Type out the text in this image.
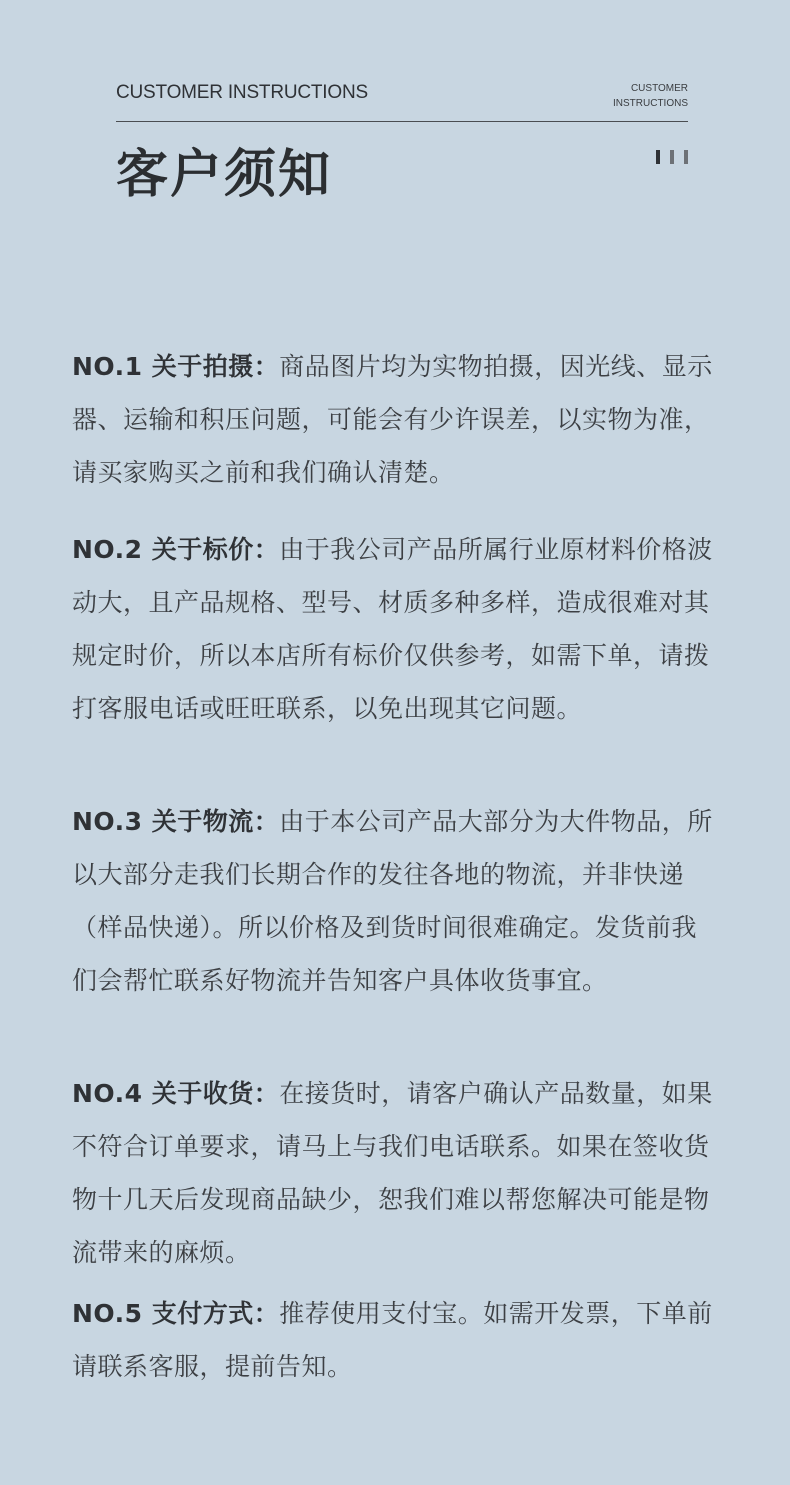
CUSTOMER INSTRUCTIONS	CUSTOMER
INSTRUCTIONS
客户须知

NO.1 关于拍摄：商品图片均为实物拍摄，因光线、显示器、运输和积压问题，可能会有少许误差，以实物为准，请买家购买之前和我们确认清楚。

NO.2 关于标价：由于我公司产品所属行业原材料价格波动大，且产品规格、型号、材质多种多样，造成很难对其规定时价，所以本店所有标价仅供参考，如需下单，请拨打客服电话或旺旺联系，以免出现其它问题。

NO.3 关于物流：由于本公司产品大部分为大件物品，所以大部分走我们长期合作的发往各地的物流，并非快递（样品快递）。所以价格及到货时间很难确定。发货前我们会帮忙联系好物流并告知客户具体收货事宜。

NO.4 关于收货：在接货时，请客户确认产品数量，如果不符合订单要求，请马上与我们电话联系。如果在签收货物十几天后发现商品缺少，恕我们难以帮您解决可能是物流带来的麻烦。

NO.5 支付方式：推荐使用支付宝。如需开发票，下单前请联系客服，提前告知。
